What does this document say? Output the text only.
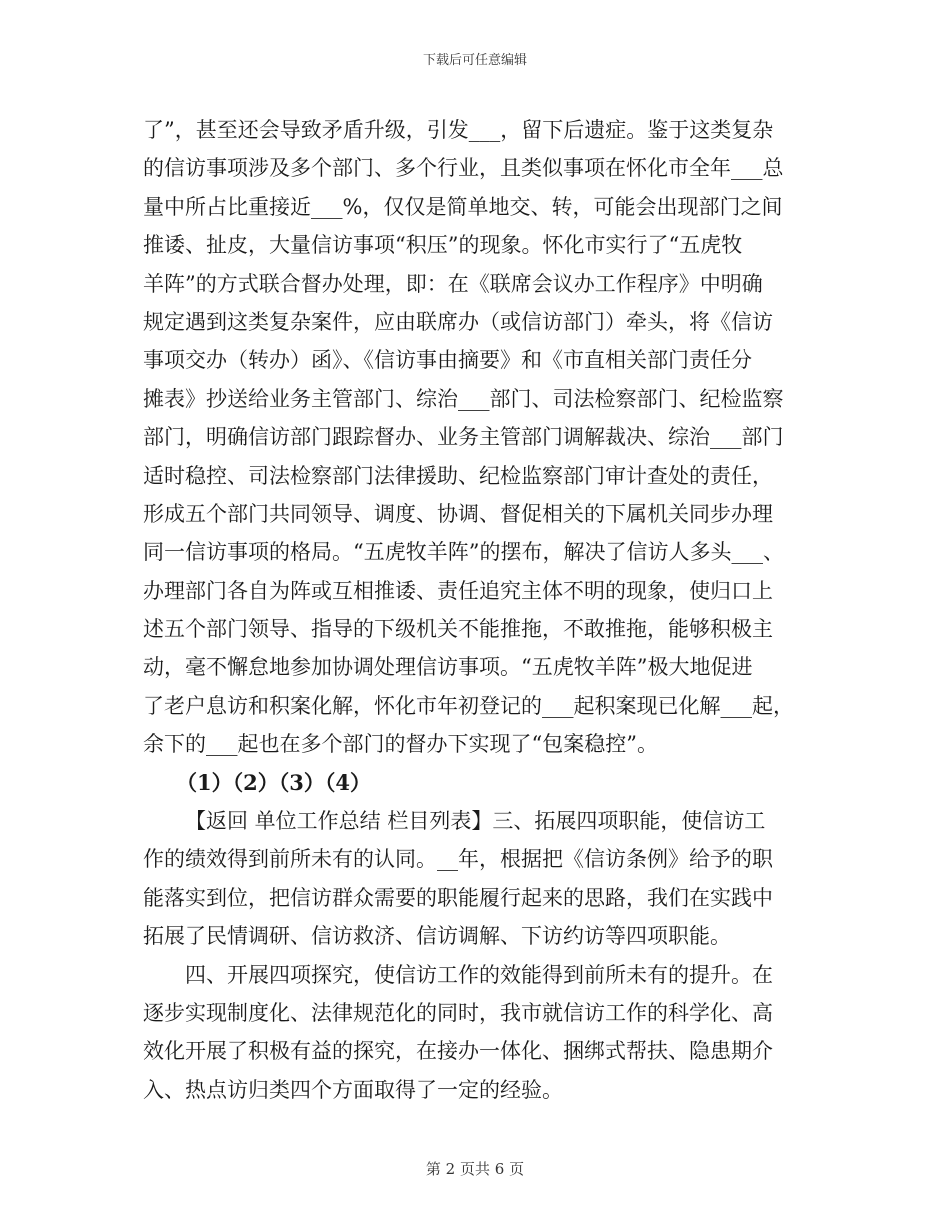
下载后可任意编辑
了”，甚至还会导致矛盾升级，引发___，留下后遗症。鉴于这类复杂
的信访事项涉及多个部门、多个行业，且类似事项在怀化市全年___总
量中所占比重接近___%，仅仅是简单地交、转，可能会出现部门之间
推诿、扯皮，大量信访事项“积压”的现象。怀化市实行了“五虎牧
羊阵”的方式联合督办处理，即：在《联席会议办工作程序》中明确
规定遇到这类复杂案件，应由联席办（或信访部门）牵头，将《信访
事项交办（转办）函》、《信访事由摘要》和《市直相关部门责任分
摊表》抄送给业务主管部门、综治___部门、司法检察部门、纪检监察
部门，明确信访部门跟踪督办、业务主管部门调解裁决、综治___部门
适时稳控、司法检察部门法律援助、纪检监察部门审计查处的责任，
形成五个部门共同领导、调度、协调、督促相关的下属机关同步办理
同一信访事项的格局。“五虎牧羊阵”的摆布，解决了信访人多头___、
办理部门各自为阵或互相推诿、责任追究主体不明的现象，使归口上
述五个部门领导、指导的下级机关不能推拖，不敢推拖，能够积极主
动，毫不懈怠地参加协调处理信访事项。“五虎牧羊阵”极大地促进
了老户息访和积案化解，怀化市年初登记的___起积案现已化解___起，
余下的___起也在多个部门的督办下实现了“包案稳控”。
（1）（2）（3）（4）
【返回 单位工作总结 栏目列表】三、拓展四项职能，使信访工
作的绩效得到前所未有的认同。__年，根据把《信访条例》给予的职
能落实到位，把信访群众需要的职能履行起来的思路，我们在实践中
拓展了民情调研、信访救济、信访调解、下访约访等四项职能。
四、开展四项探究，使信访工作的效能得到前所未有的提升。在
逐步实现制度化、法律规范化的同时，我市就信访工作的科学化、高
效化开展了积极有益的探究，在接办一体化、捆绑式帮扶、隐患期介
入、热点访归类四个方面取得了一定的经验。
第 2 页共 6 页
